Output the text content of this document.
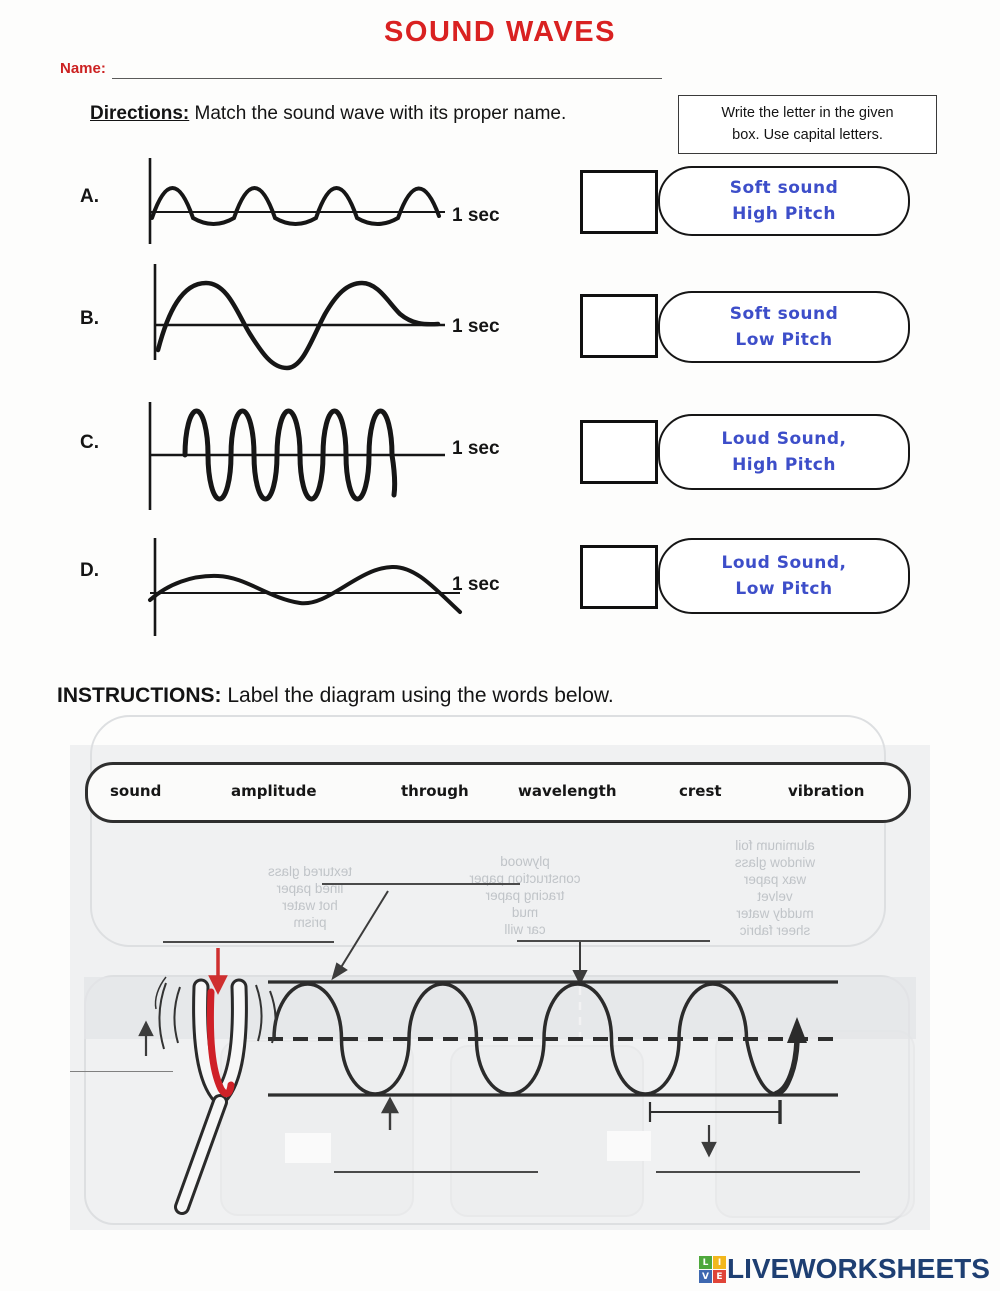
SOUND WAVES
Name:
Directions: Match the sound wave with its proper name.	Write the letter in the given
box. Use capital letters.
A.
1 sec
Soft sound
High Pitch
B.	1 sec
Soft sound
Low Pitch
C.	1 sec	Loud Sound,
High Pitch
D.
1 sec
Loud Sound,
Low Pitch
INSTRUCTIONS: Label the diagram using the words below.
textured glass
lined paper
hot water
prism
plywood
construction paper
tracing paper
mud
car will
aluminum foil
window glass
wax paper
velvet
muddy water
sheer fabric
sound	amplitude	through	wavelength	crest	vibration
L	I
V E LIVEWORKSHEETS
